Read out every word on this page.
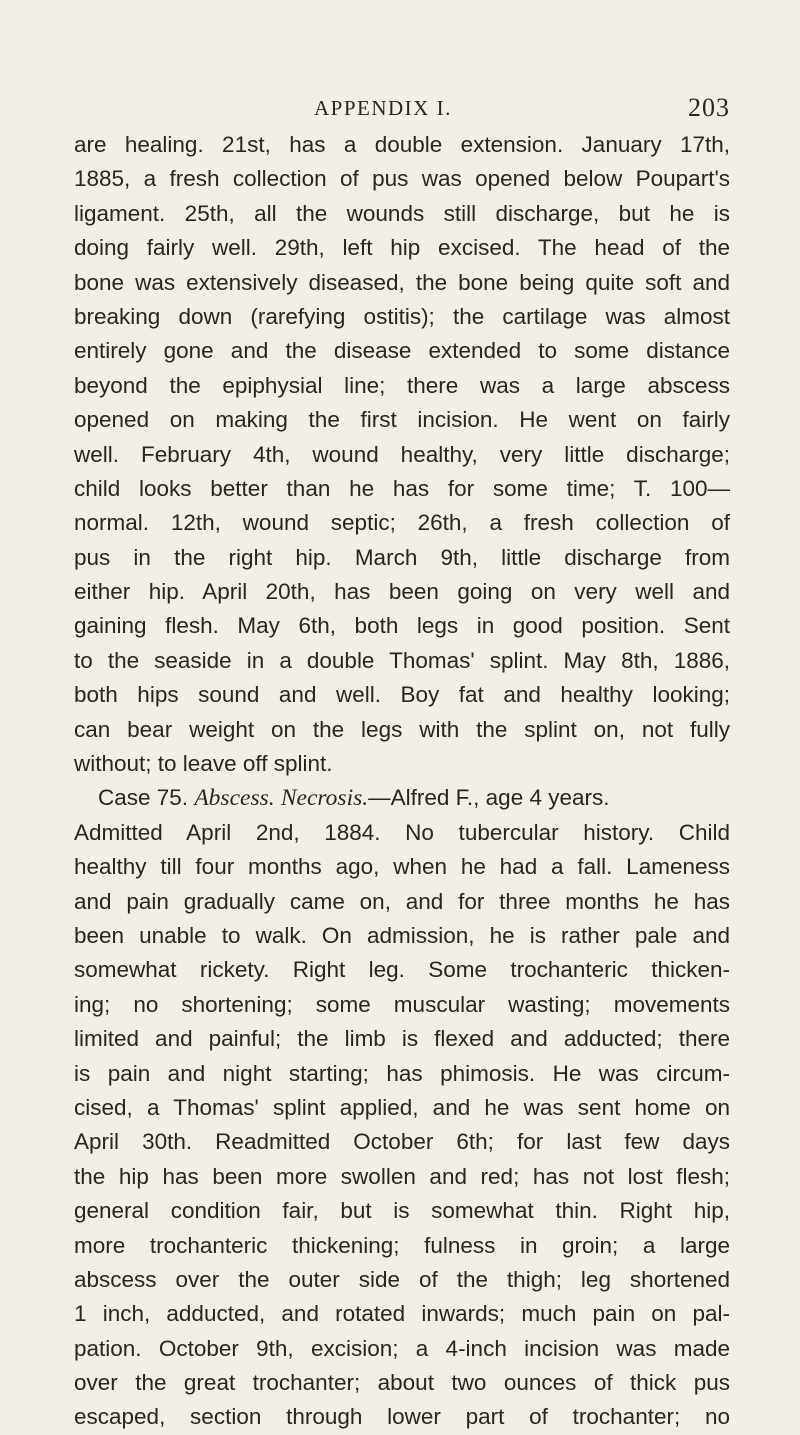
APPENDIX I.	203
are healing. 21st, has a double extension. January 17th,
1885, a fresh collection of pus was opened below Poupart's
ligament. 25th, all the wounds still discharge, but he is
doing fairly well. 29th, left hip excised. The head of the
bone was extensively diseased, the bone being quite soft and
breaking down (rarefying ostitis); the cartilage was almost
entirely gone and the disease extended to some distance
beyond the epiphysial line; there was a large abscess
opened on making the first incision. He went on fairly
well. February 4th, wound healthy, very little discharge;
child looks better than he has for some time; T. 100—
normal. 12th, wound septic; 26th, a fresh collection of
pus in the right hip. March 9th, little discharge from
either hip. April 20th, has been going on very well and
gaining flesh. May 6th, both legs in good position. Sent
to the seaside in a double Thomas' splint. May 8th, 1886,
both hips sound and well. Boy fat and healthy looking;
can bear weight on the legs with the splint on, not fully
without; to leave off splint.
Case 75. Abscess. Necrosis.—Alfred F., age 4 years.
Admitted April 2nd, 1884. No tubercular history. Child
healthy till four months ago, when he had a fall. Lameness
and pain gradually came on, and for three months he has
been unable to walk. On admission, he is rather pale and
somewhat rickety. Right leg. Some trochanteric thicken-
ing; no shortening; some muscular wasting; movements
limited and painful; the limb is flexed and adducted; there
is pain and night starting; has phimosis. He was circum-
cised, a Thomas' splint applied, and he was sent home on
April 30th. Readmitted October 6th; for last few days
the hip has been more swollen and red; has not lost flesh;
general condition fair, but is somewhat thin. Right hip,
more trochanteric thickening; fulness in groin; a large
abscess over the outer side of the thigh; leg shortened
1 inch, adducted, and rotated inwards; much pain on pal-
pation. October 9th, excision; a 4-inch incision was made
over the great trochanter; about two ounces of thick pus
escaped, section through lower part of trochanter; no
